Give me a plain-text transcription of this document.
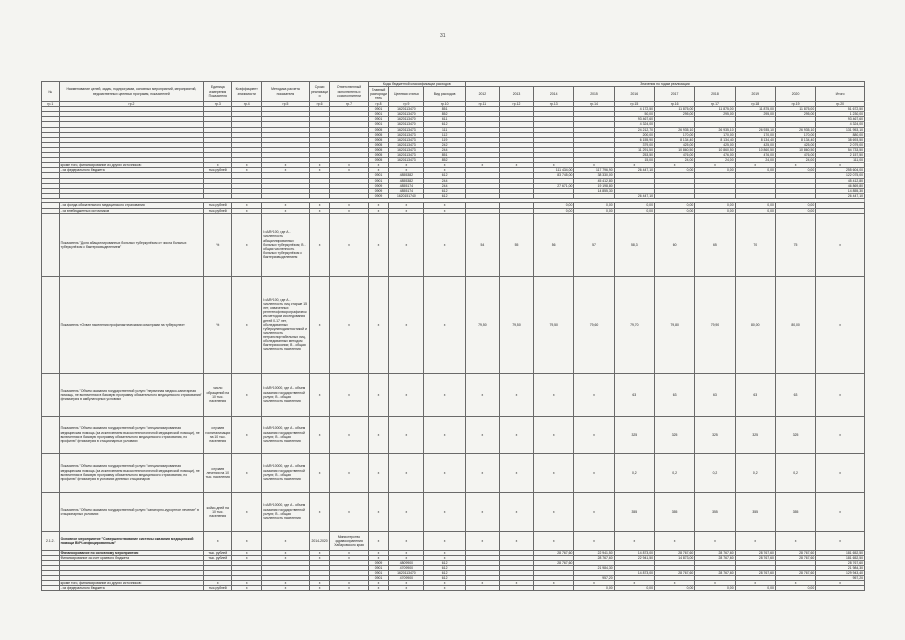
31
№	Наименование целей, задач, подпрограмм, основных мероприятий, мероприятий, ведомственных целевых программ, показателей	Единица измерения Показателя	Коэффициент значимости	Методика расчета показателя	Сроки реализации	Ответственный исполнитель и соисполнители	Коды бюджетной классификации расходов			Значения по годам реализации									
							Главный распорядитель	Целевая статья	Вид расходов	2012	2013	2014	2015	2016	2017	2018	2019	2020	Итого

гр.1	гр.2	гр.3	гр.4	гр.5	гр.6	гр.7	гр.8	гр.9	гр.10	гр.11	гр.12	гр.13	гр.14	гр.15	гр.16	гр.17	гр.18	гр.19	гр.20
							0901	1620113470	851					4 172,50	11 875,00	11 875,00	11 875,00	11 875,00	51 672,50
							0901	1620113470	852					50,00	295,00	295,00	295,00	295,00	1 230,00
							0901	1620113470	611					93 467,60					93 467,60
							0901	1620113470	612					4 324,00					4 324,00
							0905	1620113473	111					24 212,70	26 935,10	26 935,10	26 935,10	26 935,10	131 953,10
							0905	1620113473	112					200,00	170,00	170,00	170,00	170,00	880,00
							0905	1620113473	119					6 155,90	8 134,40	8 134,40	8 134,40	8 134,40	38 693,50
							0905	1620113473	242					379,00	425,00	425,00	425,00	425,00	2 079,00
							0905	1620113473	244					11 291,50	10 860,50	10 860,50	10 860,50	10 860,50	54 733,50
							0905	1620113473	851					253,50	476,00	476,00	476,00	476,00	2 157,50
							0905	1620113473	852					15,00	24,00	24,00	24,00	24,00	111,00
	кроме того, финансирование из других источников:	x	x	x	x	x	x	x	x	x	x	x	x	x	x	x	x	x	x
	- из федерального бюджета	тыс.рублей	x	x	x	x	x	x	x			111 434,00	117 796,90	26 447,10	0,00	0,00	0,00	0,00	255 604,00
							0901	4855382	612			83 745,00	38 330,00						122 075,00
							0901	4855382	244				45 412,80						45 412,80
							0909	4855174	244			27 671,00	19 198,80						46 869,80
							0909	4855174	612				14 855,30						14 855,30
							0909	1620151740	612					26 447,10					26 447,10

	- из фонда обязательного медицинского страхования	тыс.рублей	x	x	x	x	x	x	x			0,00	0,00	0,00	0,00	0,00	0,00	0,00	
	- из внебюджетных источников	тыс.рублей	x	x	x	x	x	x	x			0,00	0,00	0,00	0,00	0,00	0,00	0,00	
	Показатель "Доля абациллированных больных туберкулёзом от числа больных туберкулёзом с бактериовыделением"	%	x	I=A/B*100, где A - численность абациллированных больных туберкулёзом; B - общая численность больных туберкулёзом с бактериовыделением	x	x	x	x	x	54	55	56	57	58,3	60	65	70	75	x
	Показатель «Охват населения профилактическими осмотрами на туберкулез»	%	x	I=A/B*100, где A - численность лиц старше 15 лет, охваченных рентгенофлюорографическим методом исследования детей 0-17 лет, обследованных туберкулинодиагностикой и численность нетранспортабельных лиц, обследованных методом бактериоскопии; B - общая численность населения	x	x	x	x	x	79,50	79,50	79,50	79,60	79,70	79,80	79,90	80,00	80,00	x
	Показатель "Объем оказания государственной услуги "первичная медико-санитарная помощь, не включенная в базовую программу обязательного медицинского страхования" фтизиатрия в амбулаторных условиях	число обращений на 10 тыс. населения	x	I=A/B*10000, где A - объем оказания государственной услуги; B - общая численность населения	x	x	x	x	x	x	x	x	x	63	63	63	63	63	x
	Показатель "Объем оказания государственной услуги "специализированная медицинская помощь (за исключением высокотехнологичной медицинской помощи), не включенная в базовую программу обязательного медицинского страхования, по профилю" фтизиатрия в стационарных условиях	случаев госпитализации на 10 тыс. населения	x	I=A/B*10000, где A - объем оказания государственной услуги; B - общая численность населения	x	x	x	x	x	x	x	x	x	325	325	325	325	325	x
	Показатель "Объем оказания государственной услуги "специализированная медицинская помощь (за исключением высокотехнологичной медицинской помощи), не включенная в базовую программу обязательного медицинского страхования, по профилю" фтизиатрия в условиях дневных стационаров	случаев лечения на 10 тыс. населения	x	I=A/B*10000, где A - объем оказания государственной услуги; B - общая численность населения	x	x	x	x	x	x	x	x	x	0,2	0,2	0,2	0,2	0,2	x
	Показатель "Объем оказания государственной услуги "санаторно-курортное лечение" в стационарных условиях	койко-дней на 10 тыс. населения	x	I=A/B*10000, где A - объем оказания государственной услуги; B - общая численность населения	x	x	x	x	x	x	x	x	x	355	355	355	355	355	x
2.1.2.	Основное мероприятие "Совершенствование системы оказания медицинской помощи ВИЧ-инфицированным"	x	x	x	2014-2020	Министерство здравоохранения Хабаровского края	x	x	x	x	x	x	x	x	x	x	x	x	x
	Финансирование по основному мероприятию	тыс. рублей	x	x	x	x	x	x	x			28 767,60	22 941,50	14 873,00	28 767,60	28 767,60	28 767,60	28 767,60	181 652,50
	Финансирование за счет краевого бюджета	тыс. рублей	x	x	x	x	x	x	x				28 767,60	22 941,50	14 873,00	28 767,60	28 767,60	28 767,60	181 652,50
							0909	4809900	612			28 767,60							28 767,60
							0901	4709900	612				21 984,30						21 984,30
							0901	1620113470	612					14 873,00	28 767,60	28 767,60	28 767,60	28 767,60	129 943,40
							0901	4709900	612				957,20						957,20
	кроме того, финансирование из других источников:	x	x	x	x	x	x	x	x	x	x	x	x	x	x	x	x	x	x
	- из федерального бюджета	тыс.рублей	x	x	x	x	x	x	x				0,00	0,00	0,00	0,00	0,00	0,00	
